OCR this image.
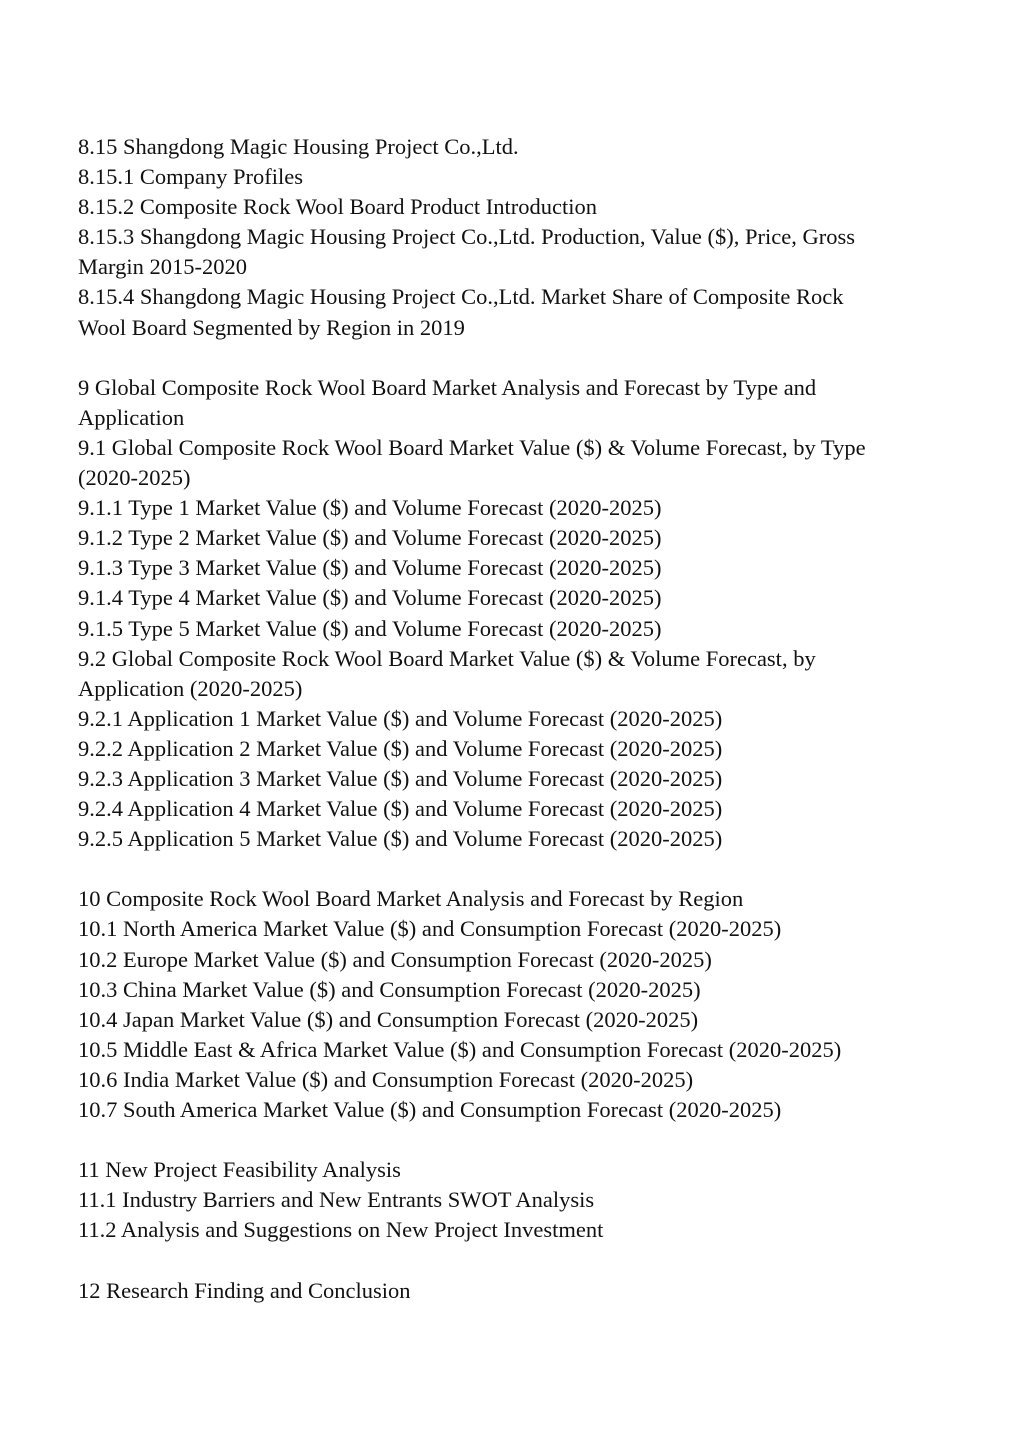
8.15 Shangdong Magic Housing Project Co.,Ltd.
8.15.1 Company Profiles
8.15.2 Composite Rock Wool Board Product Introduction
8.15.3 Shangdong Magic Housing Project Co.,Ltd. Production, Value ($), Price, Gross
Margin 2015-2020
8.15.4 Shangdong Magic Housing Project Co.,Ltd. Market Share of Composite Rock
Wool Board Segmented by Region in 2019
9 Global Composite Rock Wool Board Market Analysis and Forecast by Type and
Application
9.1 Global Composite Rock Wool Board Market Value ($) & Volume Forecast, by Type
(2020-2025)
9.1.1 Type 1 Market Value ($) and Volume Forecast (2020-2025)
9.1.2 Type 2 Market Value ($) and Volume Forecast (2020-2025)
9.1.3 Type 3 Market Value ($) and Volume Forecast (2020-2025)
9.1.4 Type 4 Market Value ($) and Volume Forecast (2020-2025)
9.1.5 Type 5 Market Value ($) and Volume Forecast (2020-2025)
9.2 Global Composite Rock Wool Board Market Value ($) & Volume Forecast, by
Application (2020-2025)
9.2.1 Application 1 Market Value ($) and Volume Forecast (2020-2025)
9.2.2 Application 2 Market Value ($) and Volume Forecast (2020-2025)
9.2.3 Application 3 Market Value ($) and Volume Forecast (2020-2025)
9.2.4 Application 4 Market Value ($) and Volume Forecast (2020-2025)
9.2.5 Application 5 Market Value ($) and Volume Forecast (2020-2025)
10 Composite Rock Wool Board Market Analysis and Forecast by Region
10.1 North America Market Value ($) and Consumption Forecast (2020-2025)
10.2 Europe Market Value ($) and Consumption Forecast (2020-2025)
10.3 China Market Value ($) and Consumption Forecast (2020-2025)
10.4 Japan Market Value ($) and Consumption Forecast (2020-2025)
10.5 Middle East & Africa Market Value ($) and Consumption Forecast (2020-2025)
10.6 India Market Value ($) and Consumption Forecast (2020-2025)
10.7 South America Market Value ($) and Consumption Forecast (2020-2025)
11 New Project Feasibility Analysis
11.1 Industry Barriers and New Entrants SWOT Analysis
11.2 Analysis and Suggestions on New Project Investment
12 Research Finding and Conclusion
